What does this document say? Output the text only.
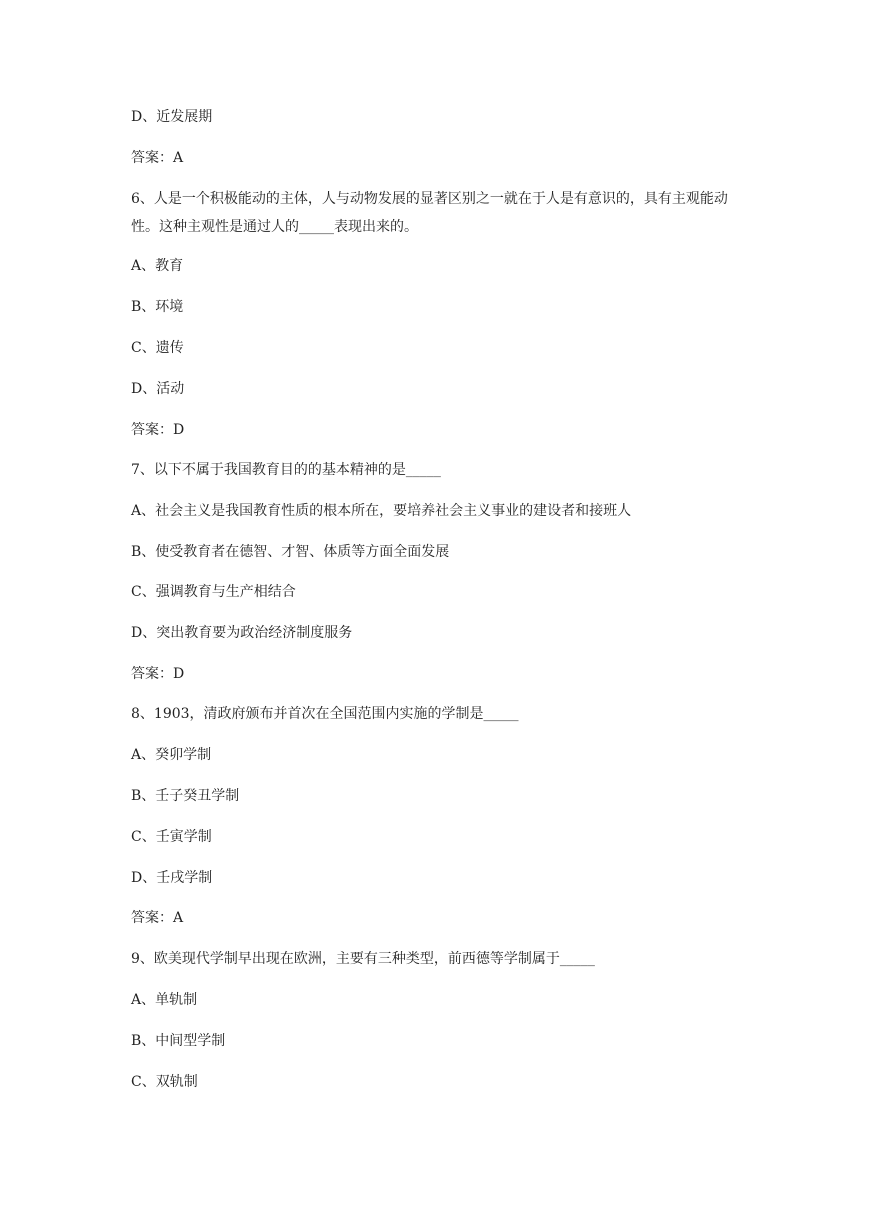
D、近发展期
答案：A
6、人是一个积极能动的主体，人与动物发展的显著区别之一就在于人是有意识的，具有主观能动性。这种主观性是通过人的_____表现出来的。
A、教育
B、环境
C、遗传
D、活动
答案：D
7、以下不属于我国教育目的的基本精神的是_____
A、社会主义是我国教育性质的根本所在，要培养社会主义事业的建设者和接班人
B、使受教育者在德智、才智、体质等方面全面发展
C、强调教育与生产相结合
D、突出教育要为政治经济制度服务
答案：D
8、1903，清政府颁布并首次在全国范围内实施的学制是_____
A、癸卯学制
B、壬子癸丑学制
C、壬寅学制
D、壬戌学制
答案：A
9、欧美现代学制早出现在欧洲，主要有三种类型，前西德等学制属于_____
A、单轨制
B、中间型学制
C、双轨制
